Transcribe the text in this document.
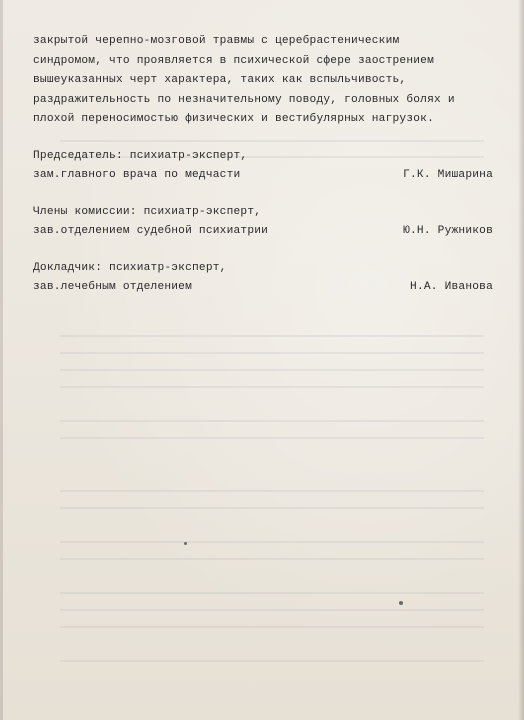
закрытой черепно-мозговой травмы с церебрастеническим
синдромом, что проявляется в психической сфере заострением
вышеуказанных черт характера, таких как вспыльчивость,
раздражительность по незначительному поводу, головных болях и
плохой переносимостью физических и вестибулярных нагрузок.
Председатель: психиатр-эксперт,
зам.главного врача по медчасти	Г.К. Мишарина
Члены комиссии: психиатр-эксперт,
зав.отделением судебной психиатрии	Ю.Н. Ружников
Докладчик: психиатр-эксперт,
зав.лечебным отделением	Н.А. Иванова
